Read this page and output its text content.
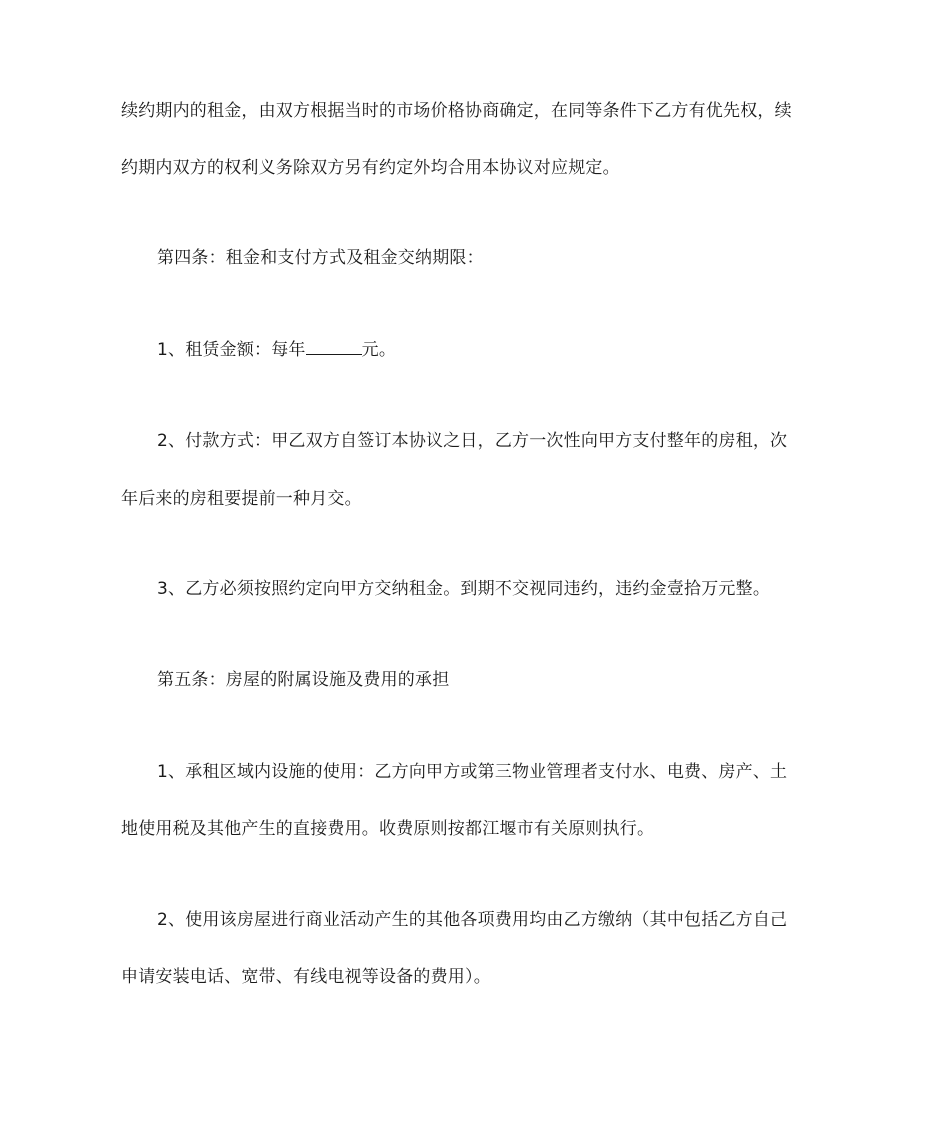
续约期内的租金，由双方根据当时的市场价格协商确定，在同等条件下乙方有优先权，续
约期内双方的权利义务除双方另有约定外均合用本协议对应规定。
第四条：租金和支付方式及租金交纳期限：
1、租赁金额：每年	元。
2、付款方式：甲乙双方自签订本协议之日，乙方一次性向甲方支付整年的房租，次
年后来的房租要提前一种月交。
3、乙方必须按照约定向甲方交纳租金。到期不交视同违约，违约金壹拾万元整。
第五条：房屋的附属设施及费用的承担
1、承租区域内设施的使用：乙方向甲方或第三物业管理者支付水、电费、房产、土
地使用税及其他产生的直接费用。收费原则按都江堰市有关原则执行。
2、使用该房屋进行商业活动产生的其他各项费用均由乙方缴纳（其中包括乙方自己
申请安装电话、宽带、有线电视等设备的费用）。
